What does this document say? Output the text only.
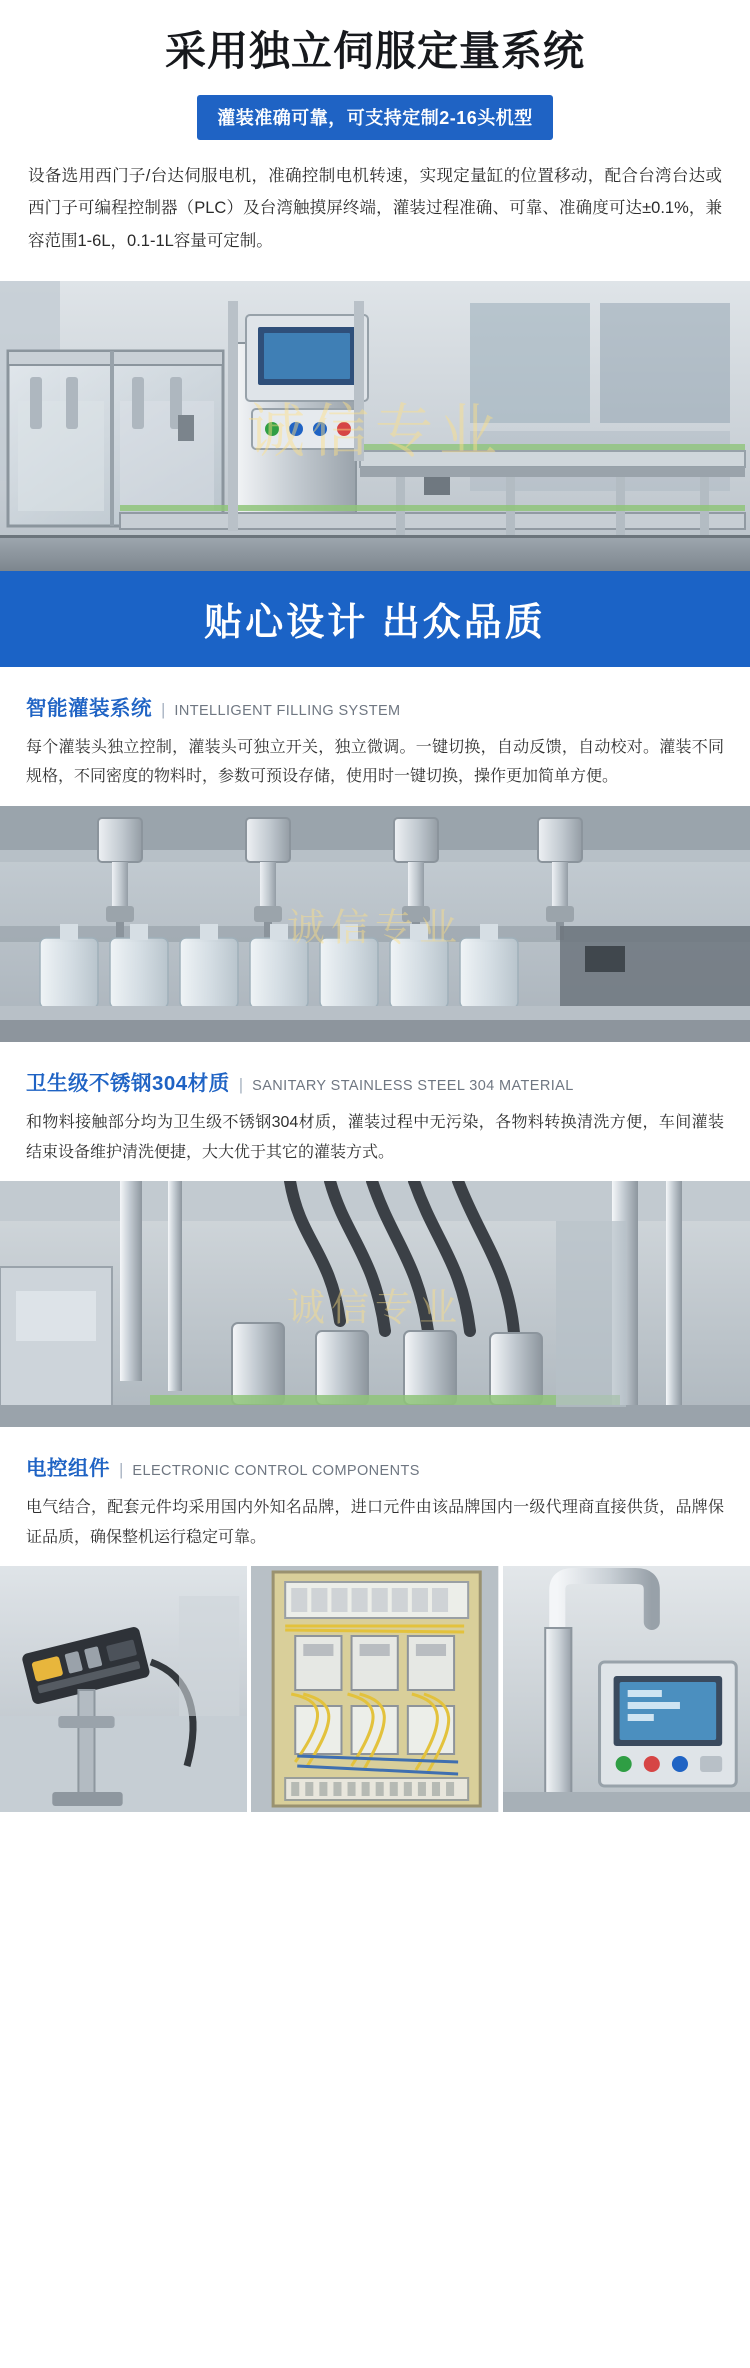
采用独立伺服定量系统
灌装准确可靠，可支持定制2-16头机型
设备选用西门子/台达伺服电机，准确控制电机转速，实现定量缸的位置移动，配合台湾台达或西门子可编程控制器（PLC）及台湾触摸屏终端，灌装过程准确、可靠、准确度可达±0.1%，兼容范围1-6L，0.1-1L容量可定制。
诚信专业
贴心设计 出众品质
智能灌装系统 | INTELLIGENT FILLING SYSTEM
每个灌装头独立控制，灌装头可独立开关，独立微调。一键切换，自动反馈，自动校对。灌装不同规格，不同密度的物料时，参数可预设存储，使用时一键切换，操作更加简单方便。
诚信专业
卫生级不锈钢304材质 | SANITARY STAINLESS STEEL 304 MATERIAL
和物料接触部分均为卫生级不锈钢304材质，灌装过程中无污染，各物料转换清洗方便，车间灌装结束设备维护清洗便捷，大大优于其它的灌装方式。
诚信专业
电控组件 | ELECTRONIC CONTROL COMPONENTS
电气结合，配套元件均采用国内外知名品牌，进口元件由该品牌国内一级代理商直接供货，品牌保证品质，确保整机运行稳定可靠。
